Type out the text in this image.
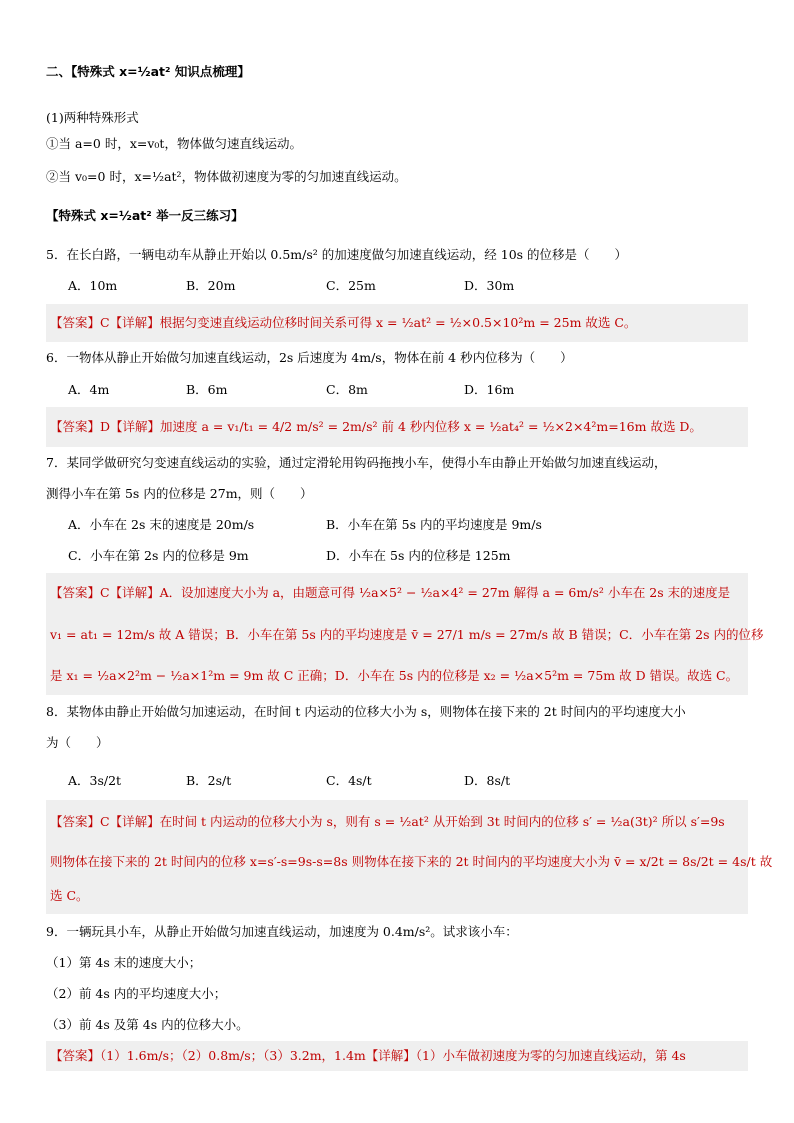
二、【特殊式 x=½at² 知识点梳理】
(1)两种特殊形式
①当 a=0 时，x=v₀t，物体做匀速直线运动。
②当 v₀=0 时，x=½at²，物体做初速度为零的匀加速直线运动。
【特殊式 x=½at² 举一反三练习】
5．在长白路，一辆电动车从静止开始以 0.5m/s² 的加速度做匀加速直线运动，经 10s 的位移是（　　）
A．10m	B．20m	C．25m	D．30m
【答案】C【详解】根据匀变速直线运动位移时间关系可得 x = ½at² = ½×0.5×10²m = 25m 故选 C。
6．一物体从静止开始做匀加速直线运动，2s 后速度为 4m/s，物体在前 4 秒内位移为（　　）
A．4m	B．6m	C．8m	D．16m
【答案】D【详解】加速度 a = v₁/t₁ = 4/2 m/s² = 2m/s² 前 4 秒内位移 x = ½at₄² = ½×2×4²m=16m 故选 D。
7．某同学做研究匀变速直线运动的实验，通过定滑轮用钩码拖拽小车，使得小车由静止开始做匀加速直线运动，
测得小车在第 5s 内的位移是 27m，则（　　）
A．小车在 2s 末的速度是 20m/s	B．小车在第 5s 内的平均速度是 9m/s
C．小车在第 2s 内的位移是 9m	D．小车在 5s 内的位移是 125m
【答案】C【详解】A．设加速度大小为 a，由题意可得 ½a×5² − ½a×4² = 27m 解得 a = 6m/s² 小车在 2s 末的速度是
v₁ = at₁ = 12m/s 故 A 错误；B．小车在第 5s 内的平均速度是 v̄ = 27/1 m/s = 27m/s 故 B 错误；C．小车在第 2s 内的位移
是 x₁ = ½a×2²m − ½a×1²m = 9m 故 C 正确；D．小车在 5s 内的位移是 x₂ = ½a×5²m = 75m 故 D 错误。故选 C。
8．某物体由静止开始做匀加速运动，在时间 t 内运动的位移大小为 s，则物体在接下来的 2t 时间内的平均速度大小
为（　　）
A．3s/2t	B．2s/t	C．4s/t	D．8s/t
【答案】C【详解】在时间 t 内运动的位移大小为 s，则有 s = ½at² 从开始到 3t 时间内的位移 s′ = ½a(3t)² 所以 s′=9s
则物体在接下来的 2t 时间内的位移 x=s′-s=9s-s=8s 则物体在接下来的 2t 时间内的平均速度大小为 v̄ = x/2t = 8s/2t = 4s/t 故
选 C。
9．一辆玩具小车，从静止开始做匀加速直线运动，加速度为 0.4m/s²。试求该小车：
（1）第 4s 末的速度大小；
（2）前 4s 内的平均速度大小；
（3）前 4s 及第 4s 内的位移大小。
【答案】（1）1.6m/s；（2）0.8m/s；（3）3.2m，1.4m【详解】（1）小车做初速度为零的匀加速直线运动，第 4s
